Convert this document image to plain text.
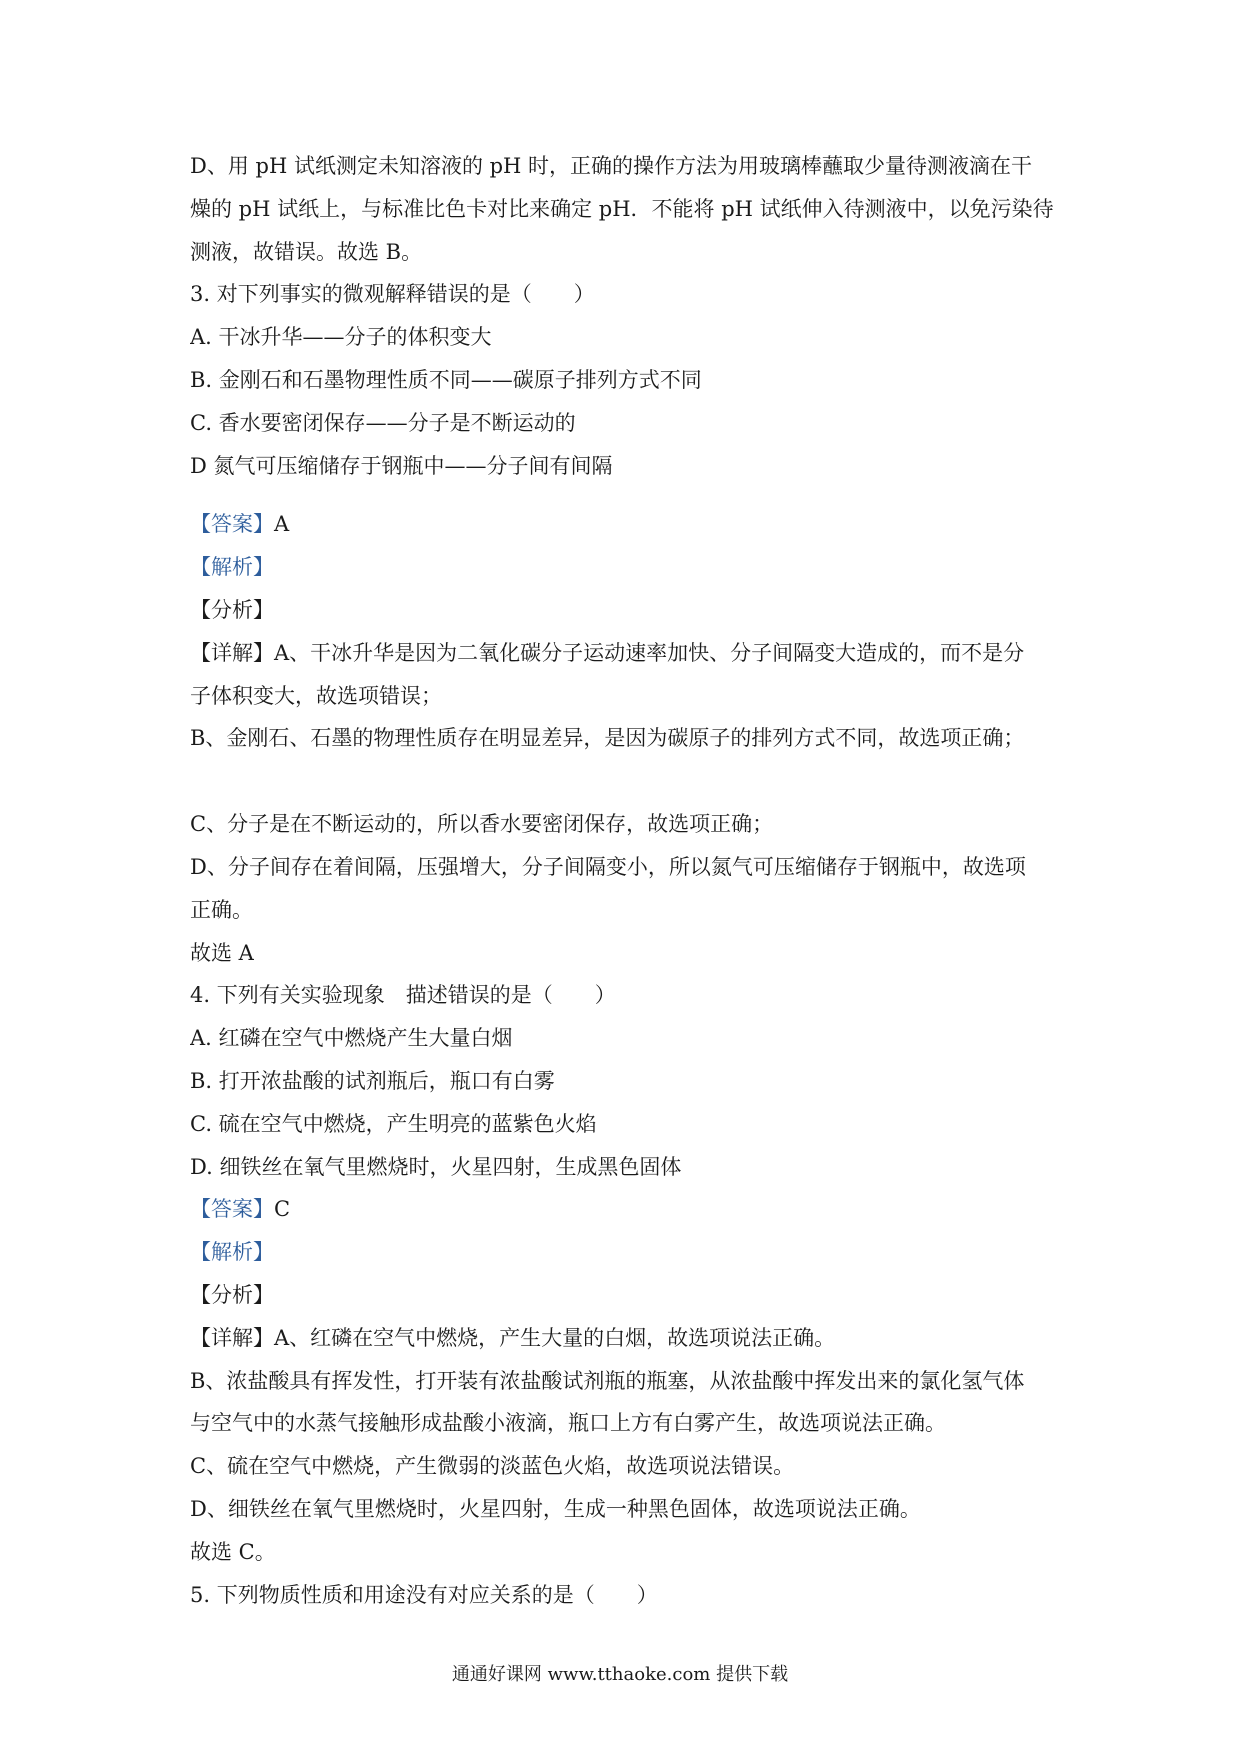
D、用 pH 试纸测定未知溶液的 pH 时，正确的操作方法为用玻璃棒蘸取少量待测液滴在干
燥的 pH 试纸上，与标准比色卡对比来确定 pH．不能将 pH 试纸伸入待测液中，以免污染待
测液，故错误。故选 B。
3. 对下列事实的微观解释错误的是（　　）
A. 干冰升华——分子的体积变大
B. 金刚石和石墨物理性质不同——碳原子排列方式不同
C. 香水要密闭保存——分子是不断运动的
D 氮气可压缩储存于钢瓶中——分子间有间隔
【答案】A
【解析】
【分析】
【详解】A、干冰升华是因为二氧化碳分子运动速率加快、分子间隔变大造成的，而不是分
子体积变大，故选项错误；
B、金刚石、石墨的物理性质存在明显差异，是因为碳原子的排列方式不同，故选项正确；
C、分子是在不断运动的，所以香水要密闭保存，故选项正确；
D、分子间存在着间隔，压强增大，分子间隔变小，所以氮气可压缩储存于钢瓶中，故选项
正确。
故选 A
4. 下列有关实验现象　描述错误的是（　　）
A. 红磷在空气中燃烧产生大量白烟
B. 打开浓盐酸的试剂瓶后，瓶口有白雾
C. 硫在空气中燃烧，产生明亮的蓝紫色火焰
D. 细铁丝在氧气里燃烧时，火星四射，生成黑色固体
【答案】C
【解析】
【分析】
【详解】A、红磷在空气中燃烧，产生大量的白烟，故选项说法正确。
B、浓盐酸具有挥发性，打开装有浓盐酸试剂瓶的瓶塞，从浓盐酸中挥发出来的氯化氢气体
与空气中的水蒸气接触形成盐酸小液滴，瓶口上方有白雾产生，故选项说法正确。
C、硫在空气中燃烧，产生微弱的淡蓝色火焰，故选项说法错误。
D、细铁丝在氧气里燃烧时，火星四射，生成一种黑色固体，故选项说法正确。
故选 C。
5. 下列物质性质和用途没有对应关系的是（　　）
通通好课网 www.tthaoke.com 提供下载
